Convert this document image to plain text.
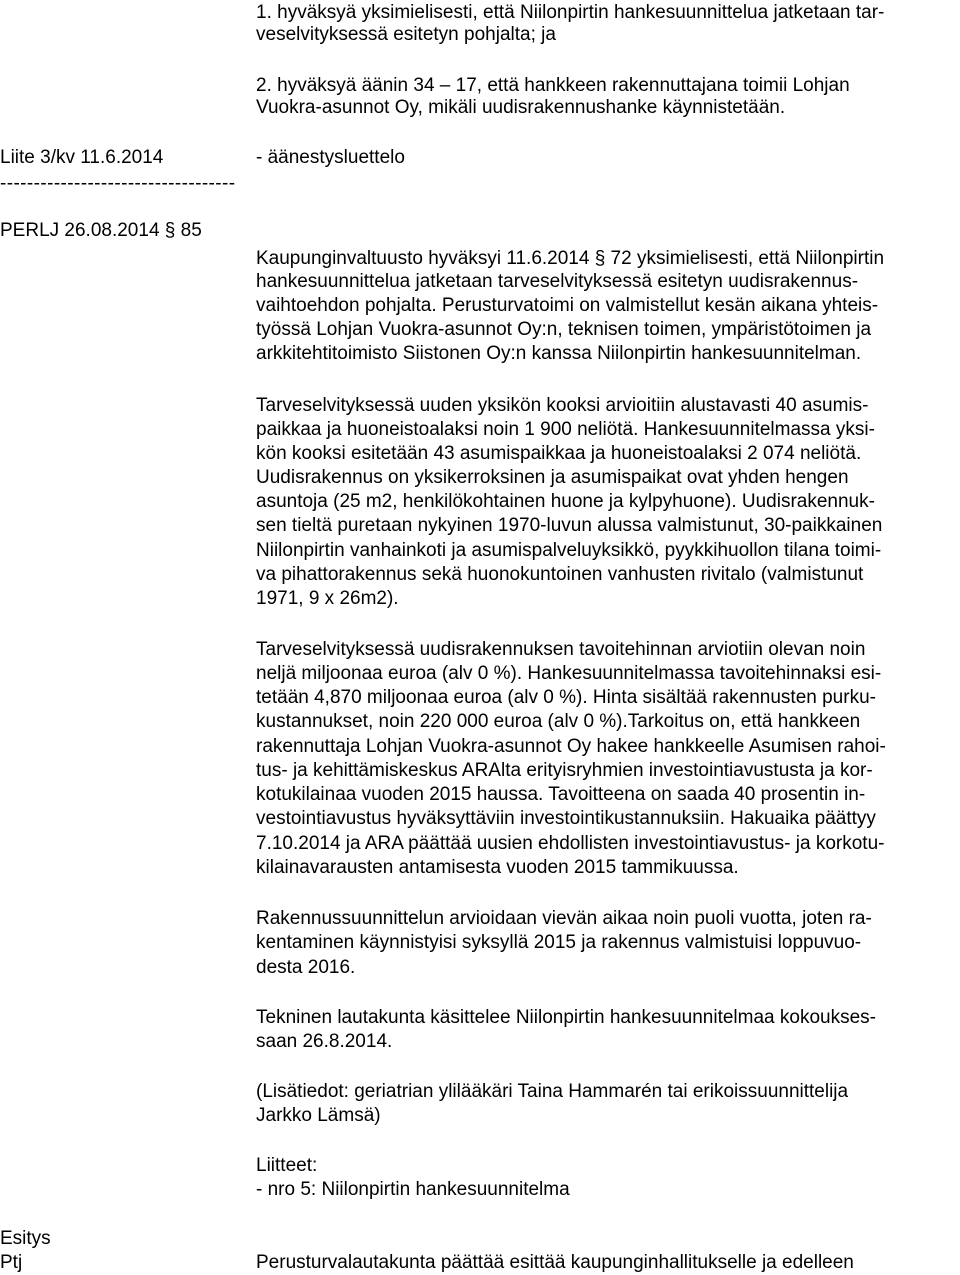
1. hyväksyä yksimielisesti, että Niilonpirtin hankesuunnittelua jatketaan tar-
veselvityksessä esitetyn pohjalta; ja
2. hyväksyä äänin 34 – 17, että hankkeen rakennuttajana toimii Lohjan
Vuokra-asunnot Oy, mikäli uudisrakennushanke käynnistetään.
Liite 3/kv 11.6.2014	- äänestysluettelo
-----------------------------------
PERLJ 26.08.2014 § 85
Kaupunginvaltuusto hyväksyi 11.6.2014 § 72 yksimielisesti, että Niilonpirtin
hankesuunnittelua jatketaan tarveselvityksessä esitetyn uudisrakennus-
vaihtoehdon pohjalta. Perusturvatoimi on valmistellut kesän aikana yhteis-
työssä Lohjan Vuokra-asunnot Oy:n, teknisen toimen, ympäristötoimen ja
arkkitehtitoimisto Siistonen Oy:n kanssa Niilonpirtin hankesuunnitelman.
Tarveselvityksessä uuden yksikön kooksi arvioitiin alustavasti 40 asumis-
paikkaa ja huoneistoalaksi noin 1 900 neliötä. Hankesuunnitelmassa yksi-
kön kooksi esitetään 43 asumispaikkaa ja huoneistoalaksi 2 074 neliötä.
Uudisrakennus on yksikerroksinen ja asumispaikat ovat yhden hengen
asuntoja (25 m2, henkilökohtainen huone ja kylpyhuone). Uudisrakennuk-
sen tieltä puretaan nykyinen 1970-luvun alussa valmistunut, 30-paikkainen
Niilonpirtin vanhainkoti ja asumispalveluyksikkö, pyykkihuollon tilana toimi-
va pihattorakennus sekä huonokuntoinen vanhusten rivitalo (valmistunut
1971, 9 x 26m2).
Tarveselvityksessä uudisrakennuksen tavoitehinnan arviotiin olevan noin
neljä miljoonaa euroa (alv 0 %). Hankesuunnitelmassa tavoitehinnaksi esi-
tetään 4,870 miljoonaa euroa (alv 0 %). Hinta sisältää rakennusten purku-
kustannukset, noin 220 000 euroa (alv 0 %).Tarkoitus on, että hankkeen
rakennuttaja Lohjan Vuokra-asunnot Oy hakee hankkeelle Asumisen rahoi-
tus- ja kehittämiskeskus ARAlta erityisryhmien investointiavustusta ja kor-
kotukilainaa vuoden 2015 haussa. Tavoitteena on saada 40 prosentin in-
vestointiavustus hyväksyttäviin investointikustannuksiin. Hakuaika päättyy
7.10.2014 ja ARA päättää uusien ehdollisten investointiavustus- ja korkotu-
kilainavarausten antamisesta vuoden 2015 tammikuussa.
Rakennussuunnittelun arvioidaan vievän aikaa noin puoli vuotta, joten ra-
kentaminen käynnistyisi syksyllä 2015 ja rakennus valmistuisi loppuvuo-
desta 2016.
Tekninen lautakunta käsittelee Niilonpirtin hankesuunnitelmaa kokoukses-
saan 26.8.2014.
(Lisätiedot: geriatrian ylilääkäri Taina Hammarén tai erikoissuunnittelija
Jarkko Lämsä)
Liitteet:
- nro 5: Niilonpirtin hankesuunnitelma
Esitys
Ptj	Perusturvalautakunta päättää esittää kaupunginhallitukselle ja edelleen
